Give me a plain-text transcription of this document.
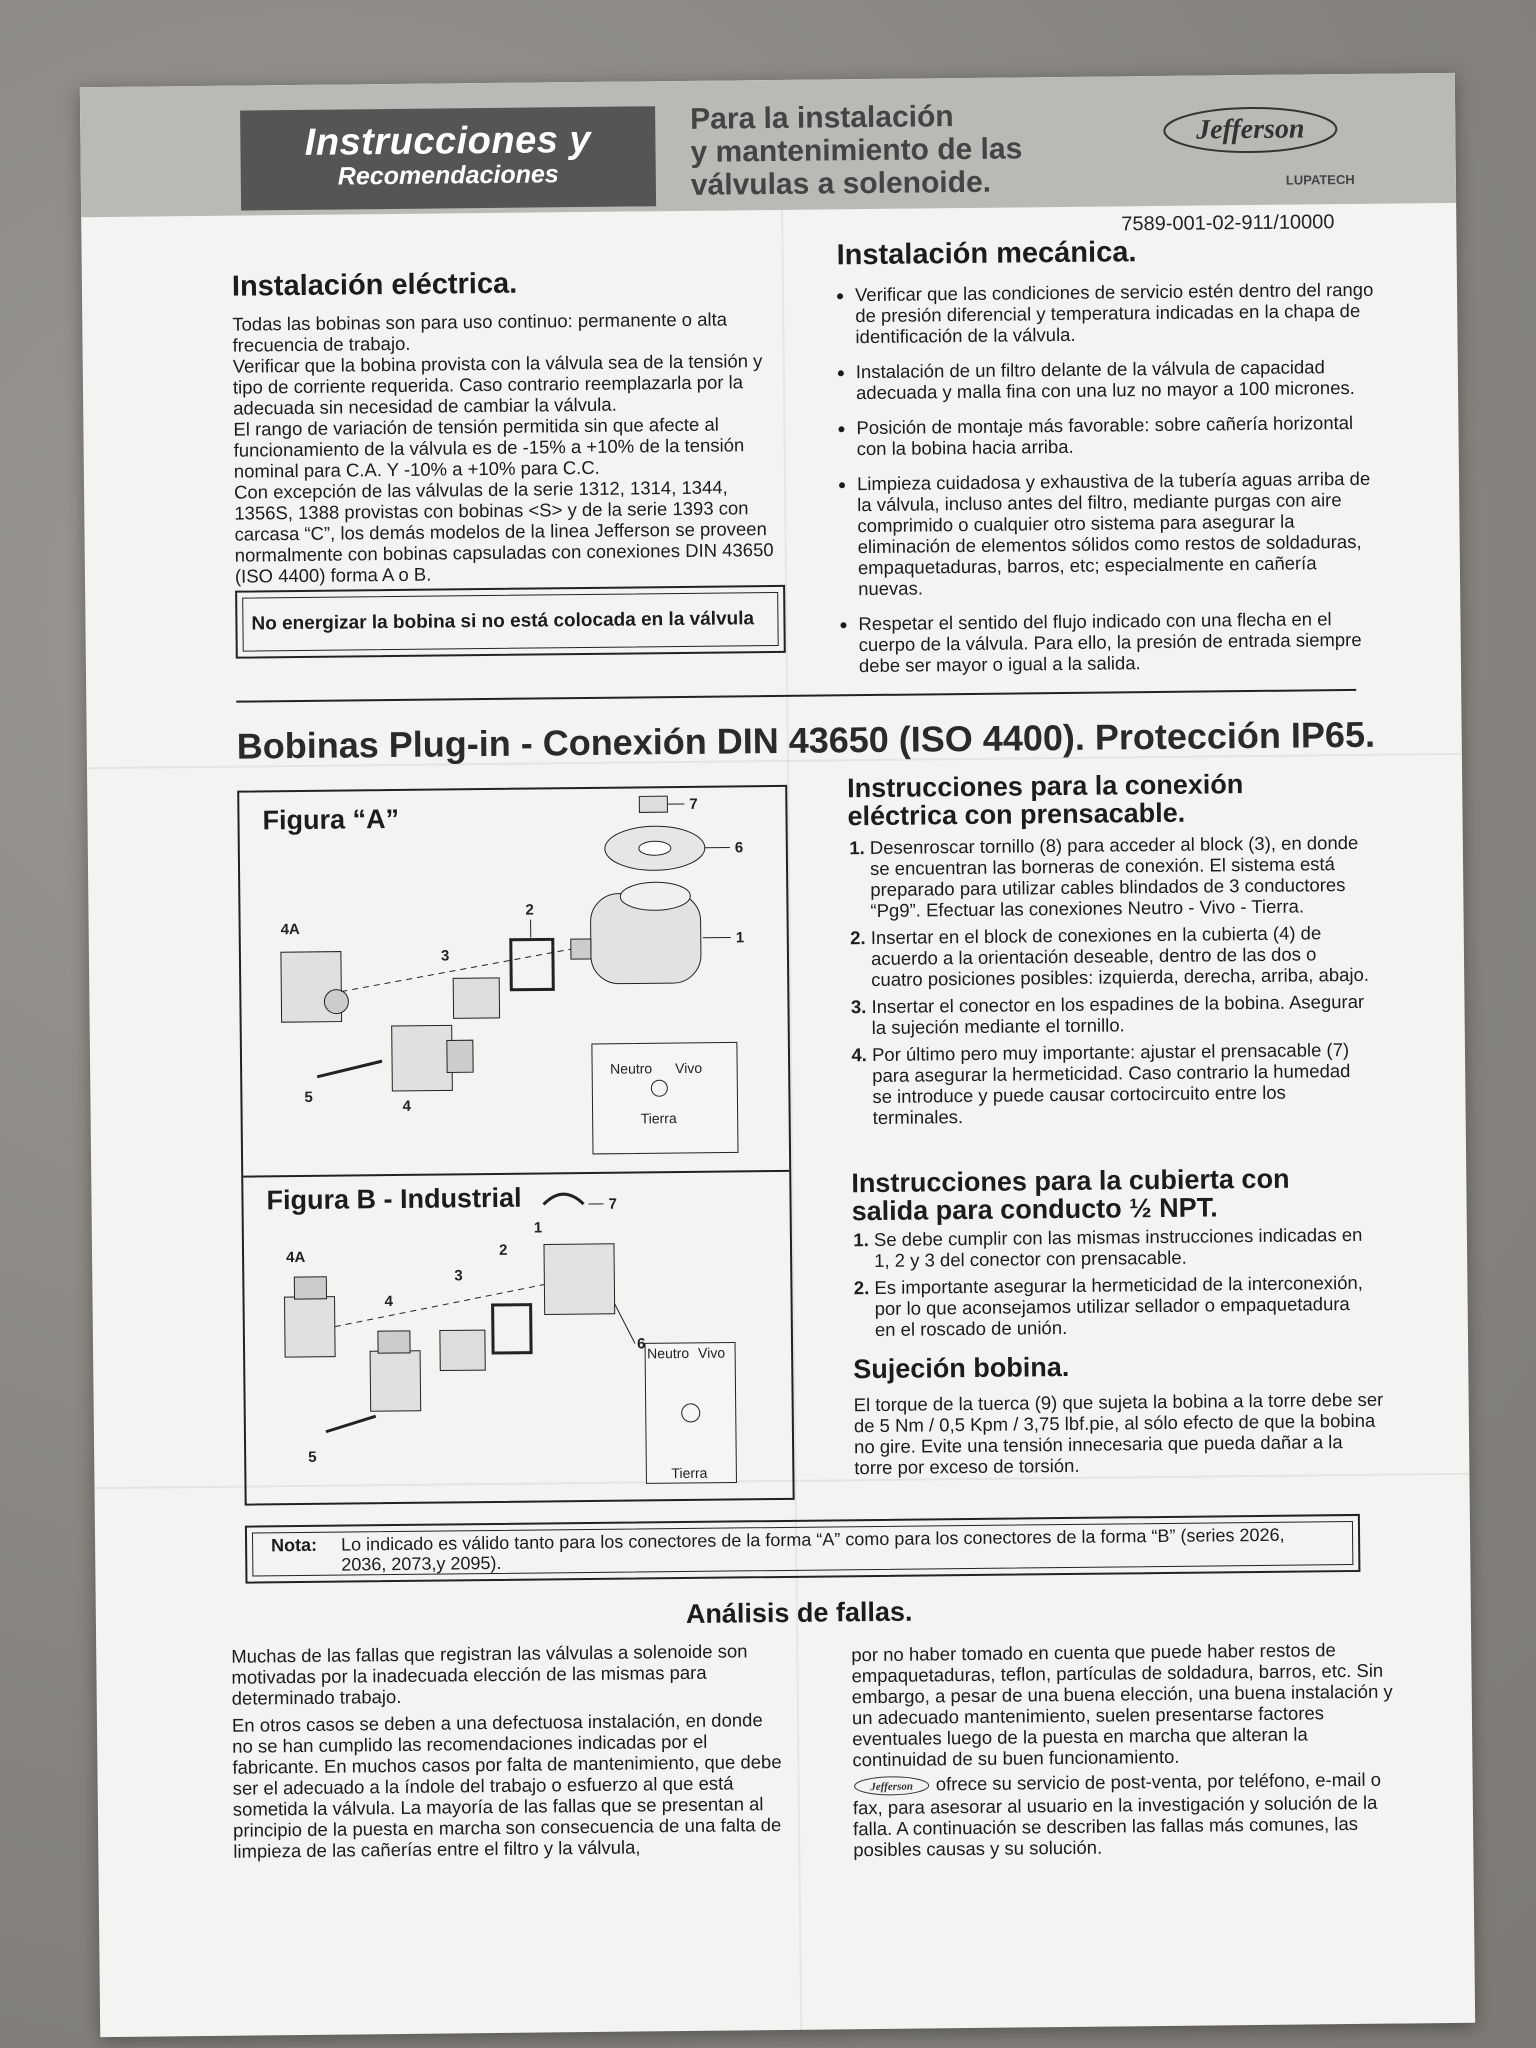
Instrucciones y
Recomendaciones
Para la instalación
y mantenimiento de las
válvulas a solenoide.
Jefferson
LUPATECH
7589-001-02-911/10000
Instalación eléctrica.

Todas las bobinas son para uso continuo: permanente o alta frecuencia de trabajo.

Verificar que la bobina provista con la válvula sea de la tensión y tipo de corriente requerida. Caso contrario reemplazarla por la adecuada sin necesidad de cambiar la válvula.

El rango de variación de tensión permitida sin que afecte al funcionamiento de la válvula es de -15% a +10% de la tensión nominal para C.A. Y -10% a +10% para C.C.

Con excepción de las válvulas de la serie 1312, 1314, 1344, 1356S, 1388 provistas con bobinas <S> y de la serie 1393 con carcasa “C”, los demás modelos de la linea Jefferson se proveen normalmente con bobinas capsuladas con conexiones DIN 43650 (ISO 4400) forma A o B.

No energizar la bobina si no está colocada en la válvula
Instalación mecánica.
• Verificar que las condiciones de servicio estén dentro del rango de presión diferencial y temperatura indicadas en la chapa de identificación de la válvula.
• Instalación de un filtro delante de la válvula de capacidad adecuada y malla fina con una luz no mayor a 100 micrones.
• Posición de montaje más favorable: sobre cañería horizontal con la bobina hacia arriba.
• Limpieza cuidadosa y exhaustiva de la tubería aguas arriba de la válvula, incluso antes del filtro, mediante purgas con aire comprimido o cualquier otro sistema para asegurar la eliminación de elementos sólidos como restos de soldaduras, empaquetaduras, barros, etc; especialmente en cañería nuevas.
• Respetar el sentido del flujo indicado con una flecha en el cuerpo de la válvula. Para ello, la presión de entrada siempre debe ser mayor o igual a la salida.
Bobinas Plug-in - Conexión DIN 43650 (ISO 4400). Protección IP65.
Figura “A”
Figura B - Industrial
7
6
1
2
3
4A
4
5
Neutro Vivo
Tierra
7
1
6
2
3
4A
4
5
Neutro Vivo
Tierra
Instrucciones para la conexión
eléctrica con prensacable.
1. Desenroscar tornillo (8) para acceder al block (3), en donde se encuentran las borneras de conexión. El sistema está preparado para utilizar cables blindados de 3 conductores “Pg9”. Efectuar las conexiones Neutro - Vivo - Tierra.
2. Insertar en el block de conexiones en la cubierta (4) de acuerdo a la orientación deseable, dentro de las dos o cuatro posiciones posibles: izquierda, derecha, arriba, abajo.
3. Insertar el conector en los espadines de la bobina. Asegurar la sujeción mediante el tornillo.
4. Por último pero muy importante: ajustar el prensacable (7) para asegurar la hermeticidad. Caso contrario la humedad se introduce y puede causar cortocircuito entre los terminales.
Instrucciones para la cubierta con
salida para conducto ½ NPT.
1. Se debe cumplir con las mismas instrucciones indicadas en 1, 2 y 3 del conector con prensacable.
2. Es importante asegurar la hermeticidad de la interconexión, por lo que aconsejamos utilizar sellador o empaquetadura en el roscado de unión.
Sujeción bobina.
El torque de la tuerca (9) que sujeta la bobina a la torre debe ser de 5 Nm / 0,5 Kpm / 3,75 lbf.pie, al sólo efecto de que la bobina no gire. Evite una tensión innecesaria que pueda dañar a la torre por exceso de torsión.
Nota: Lo indicado es válido tanto para los conectores de la forma “A” como para los conectores de la forma “B” (series 2026, 2036, 2073,y 2095).
Análisis de fallas.

Muchas de las fallas que registran las válvulas a solenoide son motivadas por la inadecuada elección de las mismas para determinado trabajo.

En otros casos se deben a una defectuosa instalación, en donde no se han cumplido las recomendaciones indicadas por el fabricante. En muchos casos por falta de mantenimiento, que debe ser el adecuado a la índole del trabajo o esfuerzo al que está sometida la válvula. La mayoría de las fallas que se presentan al principio de la puesta en marcha son consecuencia de una falta de limpieza de las cañerías entre el filtro y la válvula,

por no haber tomado en cuenta que puede haber restos de empaquetaduras, teflon, partículas de soldadura, barros, etc. Sin embargo, a pesar de una buena elección, una buena instalación y un adecuado mantenimiento, suelen presentarse factores eventuales luego de la puesta en marcha que alteran la continuidad de su buen funcionamiento.

Jefferson ofrece su servicio de post-venta, por teléfono, e-mail o fax, para asesorar al usuario en la investigación y solución de la falla. A continuación se describen las fallas más comunes, las posibles causas y su solución.
